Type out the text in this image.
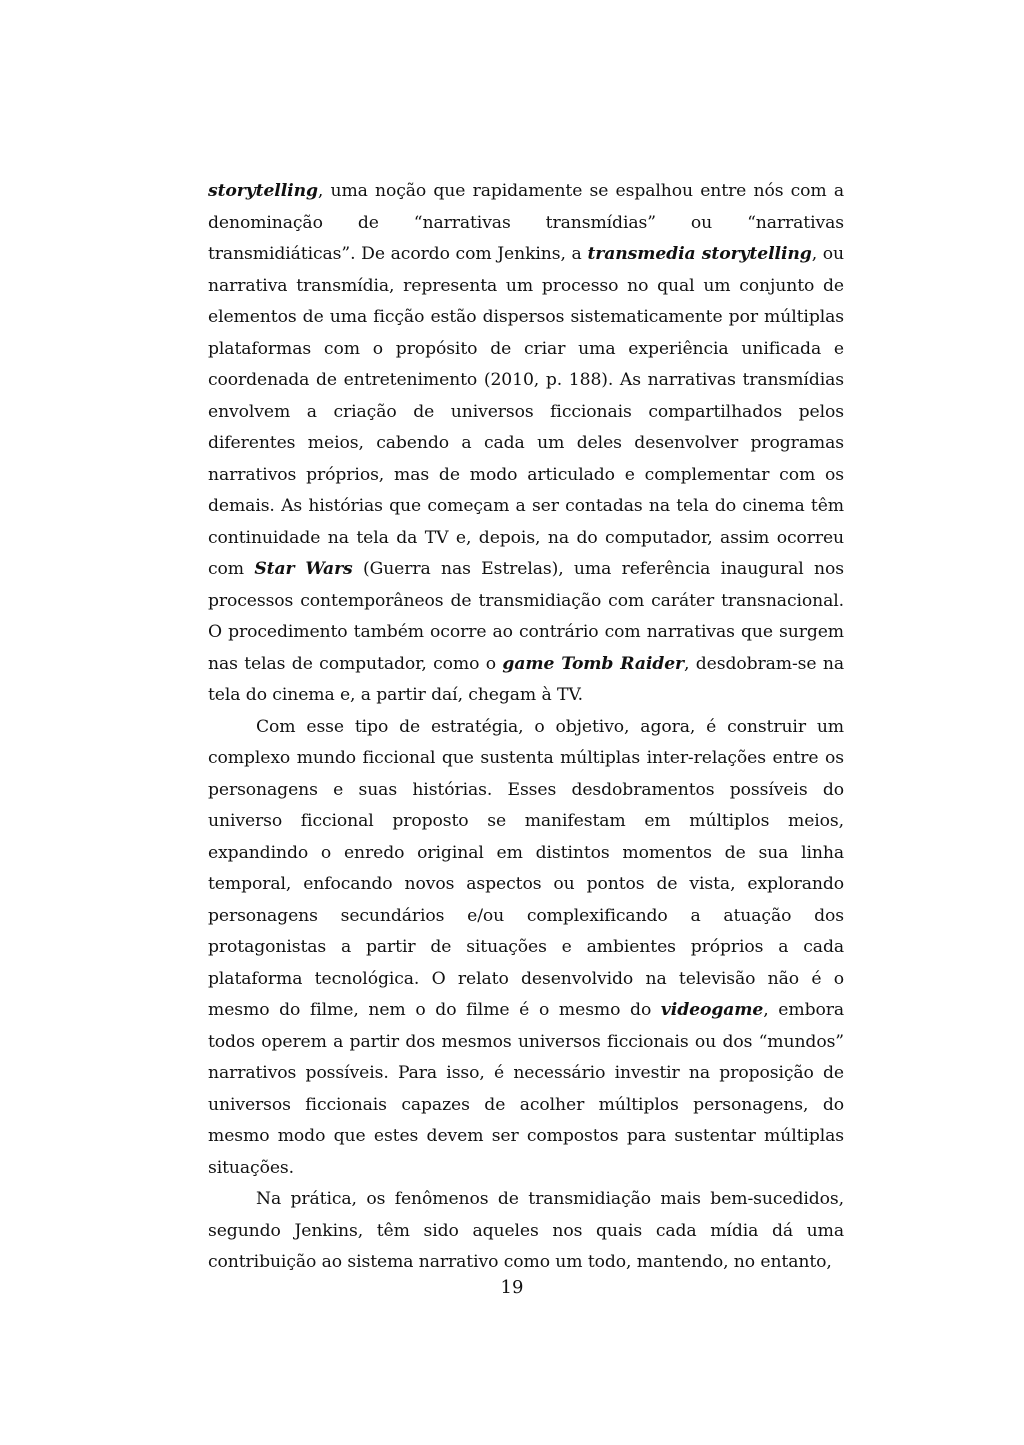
storytelling, uma noção que rapidamente se espalhou entre nós com a denominação de “narrativas transmídias” ou “narrativas transmidiáticas”. De acordo com Jenkins, a transmedia storytelling, ou narrativa transmídia, representa um processo no qual um conjunto de elementos de uma ficção estão dispersos sistematicamente por múltiplas plataformas com o propósito de criar uma experiência unificada e coordenada de entretenimento (2010, p. 188). As narrativas transmídias envolvem a criação de universos ficcionais compartilhados pelos diferentes meios, cabendo a cada um deles desenvolver programas narrativos próprios, mas de modo articulado e complementar com os demais. As histórias que começam a ser contadas na tela do cinema têm continuidade na tela da TV e, depois, na do computador, assim ocorreu com Star Wars (Guerra nas Estrelas), uma referência inaugural nos processos contemporâneos de transmidiação com caráter transnacional. O procedimento também ocorre ao contrário com narrativas que surgem nas telas de computador, como o game Tomb Raider, desdobram-se na tela do cinema e, a partir daí, chegam à TV.

Com esse tipo de estratégia, o objetivo, agora, é construir um complexo mundo ficcional que sustenta múltiplas inter-relações entre os personagens e suas histórias. Esses desdobramentos possíveis do universo ficcional proposto se manifestam em múltiplos meios, expandindo o enredo original em distintos momentos de sua linha temporal, enfocando novos aspectos ou pontos de vista, explorando personagens secundários e/ou complexificando a atuação dos protagonistas a partir de situações e ambientes próprios a cada plataforma tecnológica. O relato desenvolvido na televisão não é o mesmo do filme, nem o do filme é o mesmo do videogame, embora todos operem a partir dos mesmos universos ficcionais ou dos “mundos” narrativos possíveis. Para isso, é necessário investir na proposição de universos ficcionais capazes de acolher múltiplos personagens, do mesmo modo que estes devem ser compostos para sustentar múltiplas situações.

Na prática, os fenômenos de transmidiação mais bem-sucedidos, segundo Jenkins, têm sido aqueles nos quais cada mídia dá uma contribuição ao sistema narrativo como um todo, mantendo, no entanto,

19
